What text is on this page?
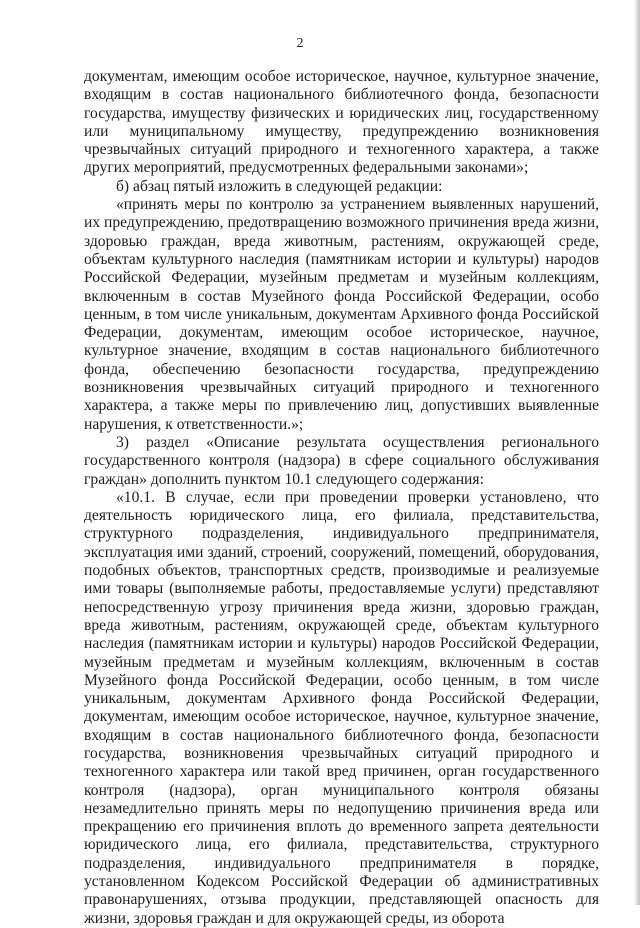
2

документам, имеющим особое историческое, научное, культурное значение, входящим в состав национального библиотечного фонда, безопасности государства, имуществу физических и юридических лиц, государственному или муниципальному имуществу, предупреждению возникновения чрезвычайных ситуаций природного и техногенного характера, а также других мероприятий, предусмотренных федеральными законами»;

б) абзац пятый изложить в следующей редакции:

«принять меры по контролю за устранением выявленных нарушений, их предупреждению, предотвращению возможного причинения вреда жизни, здоровью граждан, вреда животным, растениям, окружающей среде, объектам культурного наследия (памятникам истории и культуры) народов Российской Федерации, музейным предметам и музейным коллекциям, включенным в состав Музейного фонда Российской Федерации, особо ценным, в том числе уникальным, документам Архивного фонда Российской Федерации, документам, имеющим особое историческое, научное, культурное значение, входящим в состав национального библиотечного фонда, обеспечению безопасности государства, предупреждению возникновения чрезвычайных ситуаций природного и техногенного характера, а также меры по привлечению лиц, допустивших выявленные нарушения, к ответственности.»;

3) раздел «Описание результата осуществления регионального государственного контроля (надзора) в сфере социального обслуживания граждан» дополнить пунктом 10.1 следующего содержания:

«10.1. В случае, если при проведении проверки установлено, что деятельность юридического лица, его филиала, представительства, структурного подразделения, индивидуального предпринимателя, эксплуатация ими зданий, строений, сооружений, помещений, оборудования, подобных объектов, транспортных средств, производимые и реализуемые ими товары (выполняемые работы, предоставляемые услуги) представляют непосредственную угрозу причинения вреда жизни, здоровью граждан, вреда животным, растениям, окружающей среде, объектам культурного наследия (памятникам истории и культуры) народов Российской Федерации, музейным предметам и музейным коллекциям, включенным в состав Музейного фонда Российской Федерации, особо ценным, в том числе уникальным, документам Архивного фонда Российской Федерации, документам, имеющим особое историческое, научное, культурное значение, входящим в состав национального библиотечного фонда, безопасности государства, возникновения чрезвычайных ситуаций природного и техногенного характера или такой вред причинен, орган государственного контроля (надзора), орган муниципального контроля обязаны незамедлительно принять меры по недопущению причинения вреда или прекращению его причинения вплоть до временного запрета деятельности юридического лица, его филиала, представительства, структурного подразделения, индивидуального предпринимателя в порядке, установленном Кодексом Российской Федерации об административных правонарушениях, отзыва продукции, представляющей опасность для жизни, здоровья граждан и для окружающей среды, из оборота
